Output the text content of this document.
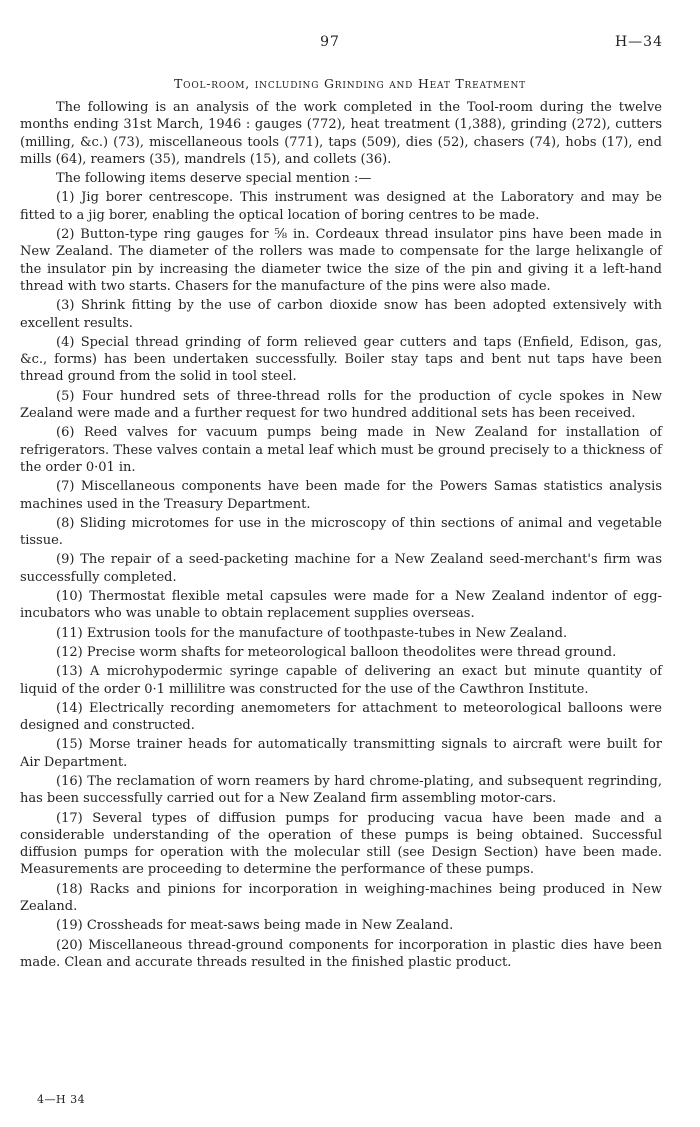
97	H—34
Tool-room, including Grinding and Heat Treatment

The following is an analysis of the work completed in the Tool-room during the twelve months ending 31st March, 1946 : gauges (772), heat treatment (1,388), grinding (272), cutters (milling, &c.) (73), miscellaneous tools (771), taps (509), dies (52), chasers (74), hobs (17), end mills (64), reamers (35), mandrels (15), and collets (36).

The following items deserve special mention :—

(1) Jig borer centrescope. This instrument was designed at the Laboratory and may be fitted to a jig borer, enabling the optical location of boring centres to be made.

(2) Button-type ring gauges for ⅝ in. Cordeaux thread insulator pins have been made in New Zealand. The diameter of the rollers was made to compensate for the large helixangle of the insulator pin by increasing the diameter twice the size of the pin and giving it a left-hand thread with two starts. Chasers for the manufacture of the pins were also made.

(3) Shrink fitting by the use of carbon dioxide snow has been adopted extensively with excellent results.

(4) Special thread grinding of form relieved gear cutters and taps (Enfield, Edison, gas, &c., forms) has been undertaken successfully. Boiler stay taps and bent nut taps have been thread ground from the solid in tool steel.

(5) Four hundred sets of three-thread rolls for the production of cycle spokes in New Zealand were made and a further request for two hundred additional sets has been received.

(6) Reed valves for vacuum pumps being made in New Zealand for installation of refrigerators. These valves contain a metal leaf which must be ground precisely to a thickness of the order 0·01 in.

(7) Miscellaneous components have been made for the Powers Samas statistics analysis machines used in the Treasury Department.

(8) Sliding microtomes for use in the microscopy of thin sections of animal and vegetable tissue.

(9) The repair of a seed-packeting machine for a New Zealand seed-merchant's firm was successfully completed.

(10) Thermostat flexible metal capsules were made for a New Zealand indentor of egg-incubators who was unable to obtain replacement supplies overseas.

(11) Extrusion tools for the manufacture of toothpaste-tubes in New Zealand.

(12) Precise worm shafts for meteorological balloon theodolites were thread ground.

(13) A microhypodermic syringe capable of delivering an exact but minute quantity of liquid of the order 0·1 millilitre was constructed for the use of the Cawthron Institute.

(14) Electrically recording anemometers for attachment to meteorological balloons were designed and constructed.

(15) Morse trainer heads for automatically transmitting signals to aircraft were built for Air Department.

(16) The reclamation of worn reamers by hard chrome-plating, and subsequent regrinding, has been successfully carried out for a New Zealand firm assembling motor-cars.

(17) Several types of diffusion pumps for producing vacua have been made and a considerable understanding of the operation of these pumps is being obtained. Successful diffusion pumps for operation with the molecular still (see Design Section) have been made. Measurements are proceeding to determine the performance of these pumps.

(18) Racks and pinions for incorporation in weighing-machines being produced in New Zealand.

(19) Crossheads for meat-saws being made in New Zealand.

(20) Miscellaneous thread-ground components for incorporation in plastic dies have been made. Clean and accurate threads resulted in the finished plastic product.

4—H 34
